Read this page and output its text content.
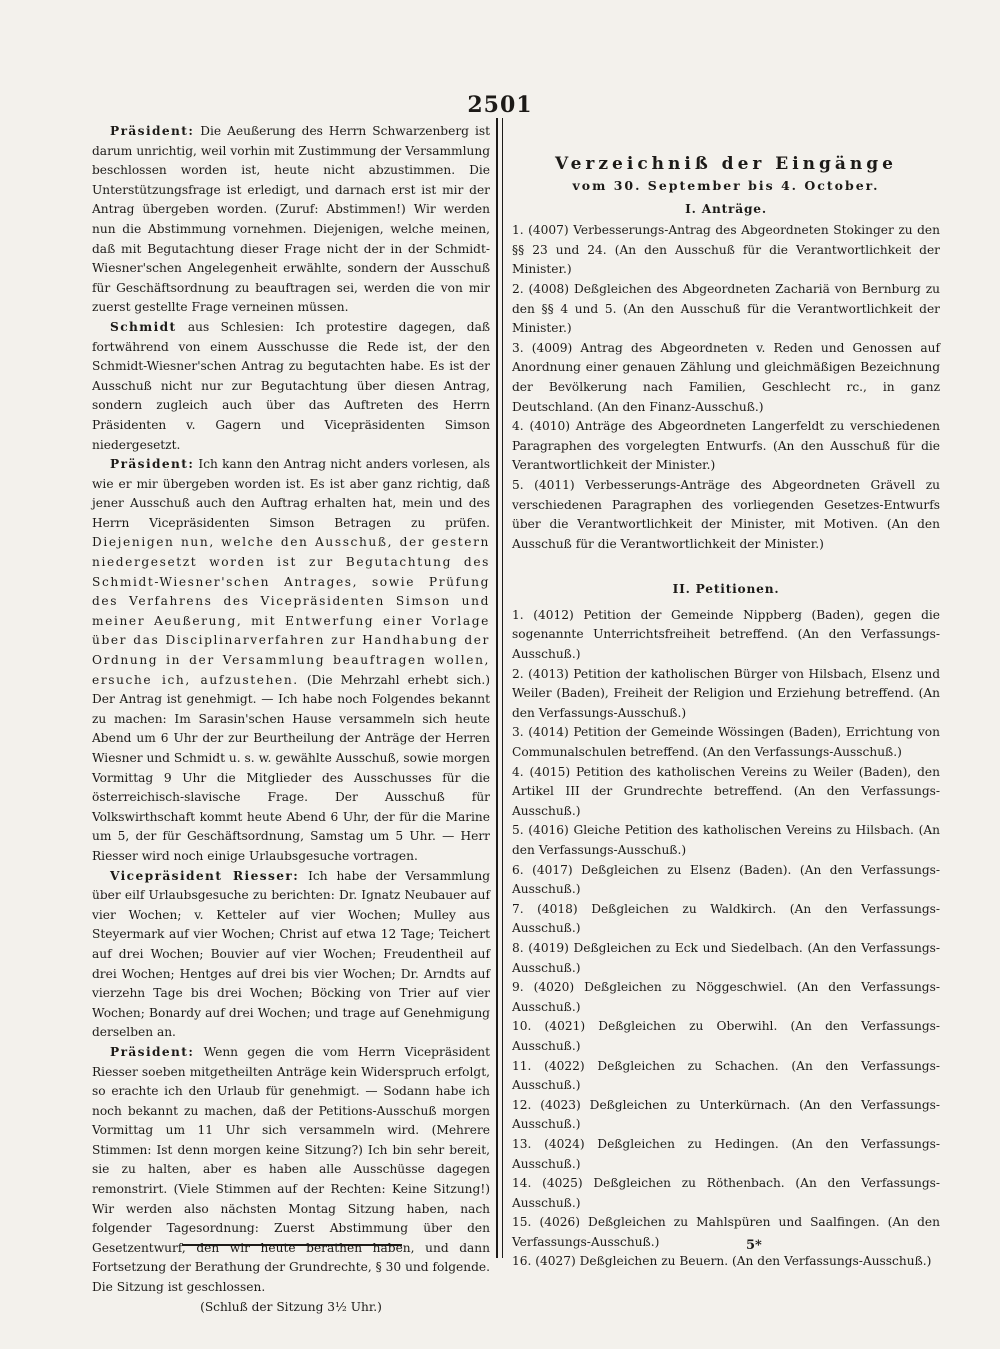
2501

Präsident: Die Aeußerung des Herrn Schwarzenberg ist darum unrichtig, weil vorhin mit Zustimmung der Versammlung beschlossen worden ist, heute nicht abzustimmen. Die Unterstützungsfrage ist erledigt, und darnach erst ist mir der Antrag übergeben worden. (Zuruf: Abstimmen!) Wir werden nun die Abstimmung vornehmen. Diejenigen, welche meinen, daß mit Begutachtung dieser Frage nicht der in der Schmidt-Wiesner'schen Angelegenheit erwählte, sondern der Ausschuß für Geschäftsordnung zu beauftragen sei, werden die von mir zuerst gestellte Frage verneinen müssen.

Schmidt aus Schlesien: Ich protestire dagegen, daß fortwährend von einem Ausschusse die Rede ist, der den Schmidt-Wiesner'schen Antrag zu begutachten habe. Es ist der Ausschuß nicht nur zur Begutachtung über diesen Antrag, sondern zugleich auch über das Auftreten des Herrn Präsidenten v. Gagern und Vicepräsidenten Simson niedergesetzt.

Präsident: Ich kann den Antrag nicht anders vorlesen, als wie er mir übergeben worden ist. Es ist aber ganz richtig, daß jener Ausschuß auch den Auftrag erhalten hat, mein und des Herrn Vicepräsidenten Simson Betragen zu prüfen. Diejenigen nun, welche den Ausschuß, der gestern niedergesetzt worden ist zur Begutachtung des Schmidt-Wiesner'schen Antrages, sowie Prüfung des Verfahrens des Vicepräsidenten Simson und meiner Aeußerung, mit Entwerfung einer Vorlage über das Disciplinarverfahren zur Handhabung der Ordnung in der Versammlung beauftragen wollen, ersuche ich, aufzustehen. (Die Mehrzahl erhebt sich.) Der Antrag ist genehmigt. — Ich habe noch Folgendes bekannt zu machen: Im Sarasin'schen Hause versammeln sich heute Abend um 6 Uhr der zur Beurtheilung der Anträge der Herren Wiesner und Schmidt u. s. w. gewählte Ausschuß, sowie morgen Vormittag 9 Uhr die Mitglieder des Ausschusses für die österreichisch-slavische Frage. Der Ausschuß für Volkswirthschaft kommt heute Abend 6 Uhr, der für die Marine um 5, der für Geschäftsordnung, Samstag um 5 Uhr. — Herr Riesser wird noch einige Urlaubsgesuche vortragen.

Vicepräsident Riesser: Ich habe der Versammlung über eilf Urlaubsgesuche zu berichten: Dr. Ignatz Neubauer auf vier Wochen; v. Ketteler auf vier Wochen; Mulley aus Steyermark auf vier Wochen; Christ auf etwa 12 Tage; Teichert auf drei Wochen; Bouvier auf vier Wochen; Freudentheil auf drei Wochen; Hentges auf drei bis vier Wochen; Dr. Arndts auf vierzehn Tage bis drei Wochen; Böcking von Trier auf vier Wochen; Bonardy auf drei Wochen; und trage auf Genehmigung derselben an.

Präsident: Wenn gegen die vom Herrn Vicepräsident Riesser soeben mitgetheilten Anträge kein Widerspruch erfolgt, so erachte ich den Urlaub für genehmigt. — Sodann habe ich noch bekannt zu machen, daß der Petitions-Ausschuß morgen Vormittag um 11 Uhr sich versammeln wird. (Mehrere Stimmen: Ist denn morgen keine Sitzung?) Ich bin sehr bereit, sie zu halten, aber es haben alle Ausschüsse dagegen remonstrirt. (Viele Stimmen auf der Rechten: Keine Sitzung!) Wir werden also nächsten Montag Sitzung haben, nach folgender Tagesordnung: Zuerst Abstimmung über den Gesetzentwurf, den wir heute berathen haben, und dann Fortsetzung der Berathung der Grundrechte, § 30 und folgende. Die Sitzung ist geschlossen.

(Schluß der Sitzung 3½ Uhr.)

Verzeichniß der Eingänge
vom 30. September bis 4. October.
I. Anträge.

1. (4007) Verbesserungs-Antrag des Abgeordneten Stokinger zu den §§ 23 und 24. (An den Ausschuß für die Verantwortlichkeit der Minister.)

2. (4008) Deßgleichen des Abgeordneten Zachariä von Bernburg zu den §§ 4 und 5. (An den Ausschuß für die Verantwortlichkeit der Minister.)

3. (4009) Antrag des Abgeordneten v. Reden und Genossen auf Anordnung einer genauen Zählung und gleichmäßigen Bezeichnung der Bevölkerung nach Familien, Geschlecht rc., in ganz Deutschland. (An den Finanz-Ausschuß.)

4. (4010) Anträge des Abgeordneten Langerfeldt zu verschiedenen Paragraphen des vorgelegten Entwurfs. (An den Ausschuß für die Verantwortlichkeit der Minister.)

5. (4011) Verbesserungs-Anträge des Abgeordneten Grävell zu verschiedenen Paragraphen des vorliegenden Gesetzes-Entwurfs über die Verantwortlichkeit der Minister, mit Motiven. (An den Ausschuß für die Verantwortlichkeit der Minister.)

II. Petitionen.

1. (4012) Petition der Gemeinde Nippberg (Baden), gegen die sogenannte Unterrichtsfreiheit betreffend. (An den Verfassungs-Ausschuß.)

2. (4013) Petition der katholischen Bürger von Hilsbach, Elsenz und Weiler (Baden), Freiheit der Religion und Erziehung betreffend. (An den Verfassungs-Ausschuß.)

3. (4014) Petition der Gemeinde Wössingen (Baden), Errichtung von Communalschulen betreffend. (An den Verfassungs-Ausschuß.)

4. (4015) Petition des katholischen Vereins zu Weiler (Baden), den Artikel III der Grundrechte betreffend. (An den Verfassungs-Ausschuß.)

5. (4016) Gleiche Petition des katholischen Vereins zu Hilsbach. (An den Verfassungs-Ausschuß.)

6. (4017) Deßgleichen zu Elsenz (Baden). (An den Verfassungs-Ausschuß.)

7. (4018) Deßgleichen zu Waldkirch. (An den Verfassungs-Ausschuß.)

8. (4019) Deßgleichen zu Eck und Siedelbach. (An den Verfassungs-Ausschuß.)

9. (4020) Deßgleichen zu Nöggeschwiel. (An den Verfassungs-Ausschuß.)

10. (4021) Deßgleichen zu Oberwihl. (An den Verfassungs-Ausschuß.)

11. (4022) Deßgleichen zu Schachen. (An den Verfassungs-Ausschuß.)

12. (4023) Deßgleichen zu Unterkürnach. (An den Verfassungs-Ausschuß.)

13. (4024) Deßgleichen zu Hedingen. (An den Verfassungs-Ausschuß.)

14. (4025) Deßgleichen zu Röthenbach. (An den Verfassungs-Ausschuß.)

15. (4026) Deßgleichen zu Mahlspüren und Saalfingen. (An den Verfassungs-Ausschuß.)

16. (4027) Deßgleichen zu Beuern. (An den Verfassungs-Ausschuß.)

5*
